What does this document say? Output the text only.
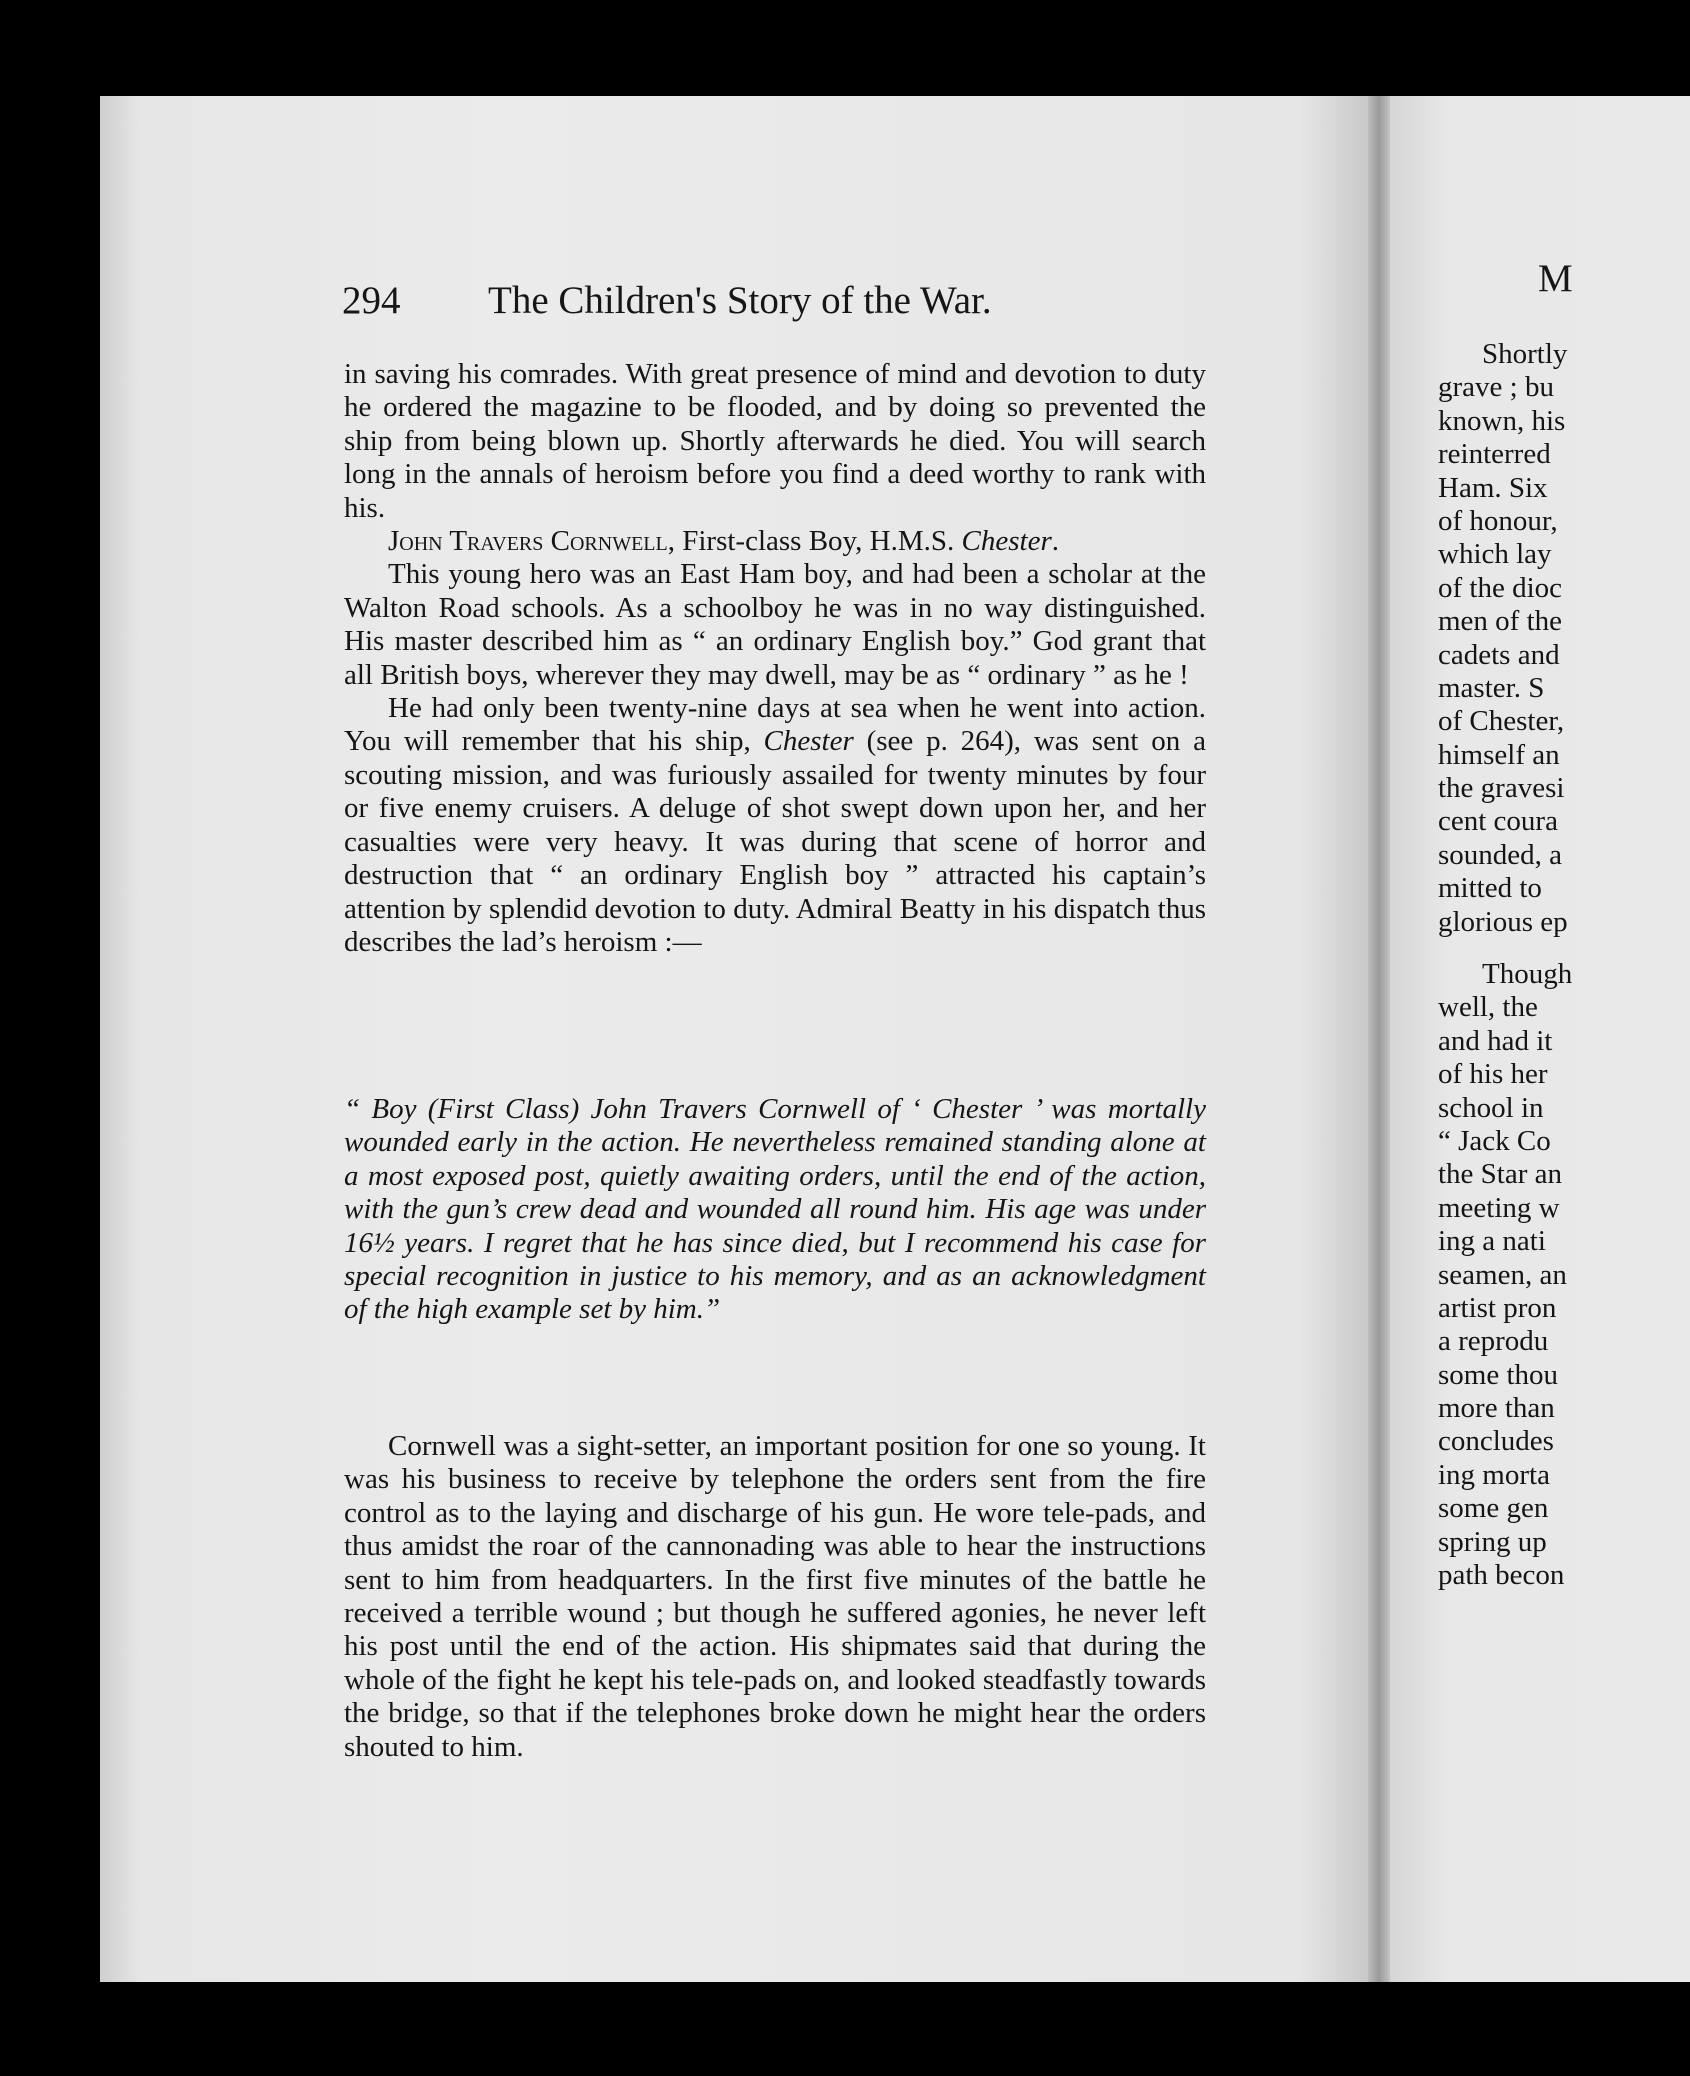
294 The Children's Story of the War.

in saving his comrades. With great presence of mind and devotion to duty he ordered the magazine to be flooded, and by doing so prevented the ship from being blown up. Shortly afterwards he died. You will search long in the annals of heroism before you find a deed worthy to rank with his.

John Travers Cornwell, First-class Boy, H.M.S. Chester.

This young hero was an East Ham boy, and had been a scholar at the Walton Road schools. As a schoolboy he was in no way distinguished. His master described him as “ an ordinary English boy.” God grant that all British boys, wherever they may dwell, may be as “ ordinary ” as he !

He had only been twenty-nine days at sea when he went into action. You will remember that his ship, Chester (see p. 264), was sent on a scouting mission, and was furiously assailed for twenty minutes by four or five enemy cruisers. A deluge of shot swept down upon her, and her casualties were very heavy. It was during that scene of horror and destruction that “ an ordinary English boy ” attracted his captain’s attention by splendid devotion to duty. Admiral Beatty in his dispatch thus describes the lad’s heroism :—

“ Boy (First Class) John Travers Cornwell of ‘ Chester ’ was mortally wounded early in the action. He nevertheless remained standing alone at a most exposed post, quietly awaiting orders, until the end of the action, with the gun’s crew dead and wounded all round him. His age was under 16½ years. I regret that he has since died, but I recommend his case for special recognition in justice to his memory, and as an acknowledgment of the high example set by him.”

Cornwell was a sight-setter, an important position for one so young. It was his business to receive by telephone the orders sent from the fire control as to the laying and discharge of his gun. He wore tele-pads, and thus amidst the roar of the cannonading was able to hear the instructions sent to him from headquarters. In the first five minutes of the battle he received a terrible wound ; but though he suffered agonies, he never left his post until the end of the action. His shipmates said that during the whole of the fight he kept his tele-pads on, and looked steadfastly towards the bridge, so that if the telephones broke down he might hear the orders shouted to him.

M
Shortly
grave ; bu
known, his
reinterred
Ham. Six
of honour,
which lay
of the dioc
men of the
cadets and
master. S
of Chester,
himself an
the gravesi
cent coura
sounded, a
mitted to
glorious ep
Though
well, the
and had it
of his her
school in
“ Jack Co
the Star an
meeting w
ing a nati
seamen, an
artist pron
a reprodu
some thou
more than
concludes
ing morta
some gen
spring up
path becon
